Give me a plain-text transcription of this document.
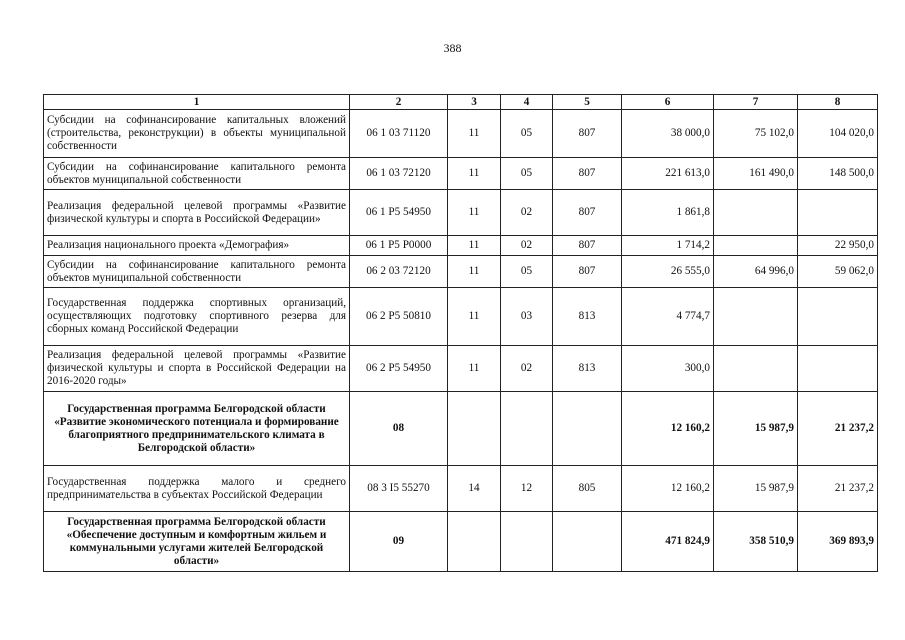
388
1	2	3	4	5	6	7	8
Субсидии на софинансирование капитальных вложений (строительства, реконструкции) в объекты муниципальной собственности	06 1 03 71120	11	05	807	38 000,0	75 102,0	104 020,0
Субсидии на софинансирование капитального ремонта объектов муниципальной собственности	06 1 03 72120	11	05	807	221 613,0	161 490,0	148 500,0
Реализация федеральной целевой программы «Развитие физической культуры и спорта в Российской Федерации»	06 1 P5 54950	11	02	807	1 861,8		
Реализация национального проекта «Демография»	06 1 P5 P0000	11	02	807	1 714,2		22 950,0
Субсидии на софинансирование капитального ремонта объектов муниципальной собственности	06 2 03 72120	11	05	807	26 555,0	64 996,0	59 062,0
Государственная поддержка спортивных организаций, осуществляющих подготовку спортивного резерва для сборных команд Российской Федерации	06 2 P5 50810	11	03	813	4 774,7		
Реализация федеральной целевой программы «Развитие физической культуры и спорта в Российской Федерации на 2016-2020 годы»	06 2 P5 54950	11	02	813	300,0		
Государственная программа Белгородской области «Развитие экономического потенциала и формирование благоприятного предпринимательского климата в Белгородской области»	08				12 160,2	15 987,9	21 237,2
Государственная поддержка малого и среднего предпринимательства в субъектах Российской Федерации	08 3 I5 55270	14	12	805	12 160,2	15 987,9	21 237,2
Государственная программа Белгородской области «Обеспечение доступным и комфортным жильем и коммунальными услугами жителей Белгородской области»	09				471 824,9	358 510,9	369 893,9
